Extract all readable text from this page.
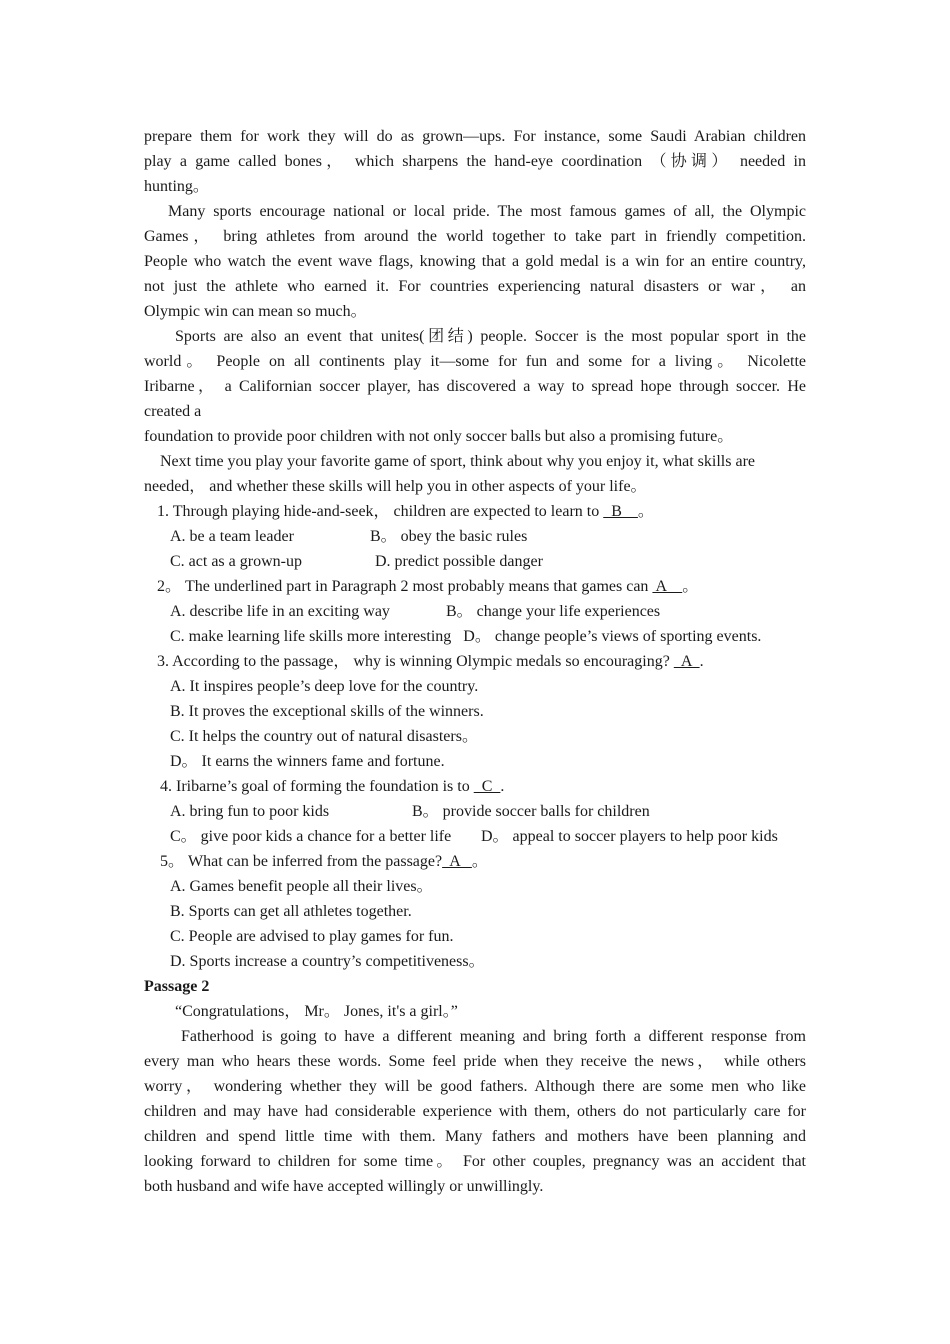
prepare them for work they will do as grown—ups. For instance, some Saudi Arabian children
play a game called bones， which sharpens the hand-eye coordination （协调） needed in
hunting。
Many sports encourage national or local pride. The most famous games of all, the Olympic
Games， bring athletes from around the world together to take part in friendly competition.
People who watch the event wave flags, knowing that a gold medal is a win for an entire country,
not just the athlete who earned it. For countries experiencing natural disasters or war， an
Olympic win can mean so much。
Sports are also an event that unites(团结) people. Soccer is the most popular sport in the
world。 People on all continents play it—some for fun and some for a living。 Nicolette
Iribarne， a Californian soccer player, has discovered a way to spread hope through soccer. He
created a
foundation to provide poor children with not only soccer balls but also a promising future。
Next time you play your favorite game of sport, think about why you enjoy it, what skills are
needed， and whether these skills will help you in other aspects of your life。
1. Through playing hide-and-seek， children are expected to learn to   B    。
A. be a team leader	B。 obey the basic rules
C. act as a grown-up	D. predict possible danger
2。 The underlined part in Paragraph 2 most probably means that games can  A    。
A. describe life in an exciting way	B。 change your life experiences
C. make learning life skills more interesting D。 change people’s views of sporting events.
3. According to the passage， why is winning Olympic medals so encouraging?   A  .
A. It inspires people’s deep love for the country.
B. It proves the exceptional skills of the winners.
C. It helps the country out of natural disasters。
D。 It earns the winners fame and fortune.
4. Iribarne’s goal of forming the foundation is to   C  .
A. bring fun to poor kids	B。 provide soccer balls for children
C。 give poor kids a chance for a better life D。 appeal to soccer players to help poor kids
5。 What can be inferred from the passage?  A   。
A. Games benefit people all their lives。
B. Sports can get all athletes together.
C. People are advised to play games for fun.
D. Sports increase a country’s competitiveness。
Passage 2
“Congratulations， Mr。 Jones, it's a girl。”
Fatherhood is going to have a different meaning and bring forth a different response from
every man who hears these words. Some feel pride when they receive the news， while others
worry， wondering whether they will be good fathers. Although there are some men who like
children and may have had considerable experience with them, others do not particularly care for
children and spend little time with them. Many fathers and mothers have been planning and
looking forward to children for some time。 For other couples, pregnancy was an accident that
both husband and wife have accepted willingly or unwillingly.
